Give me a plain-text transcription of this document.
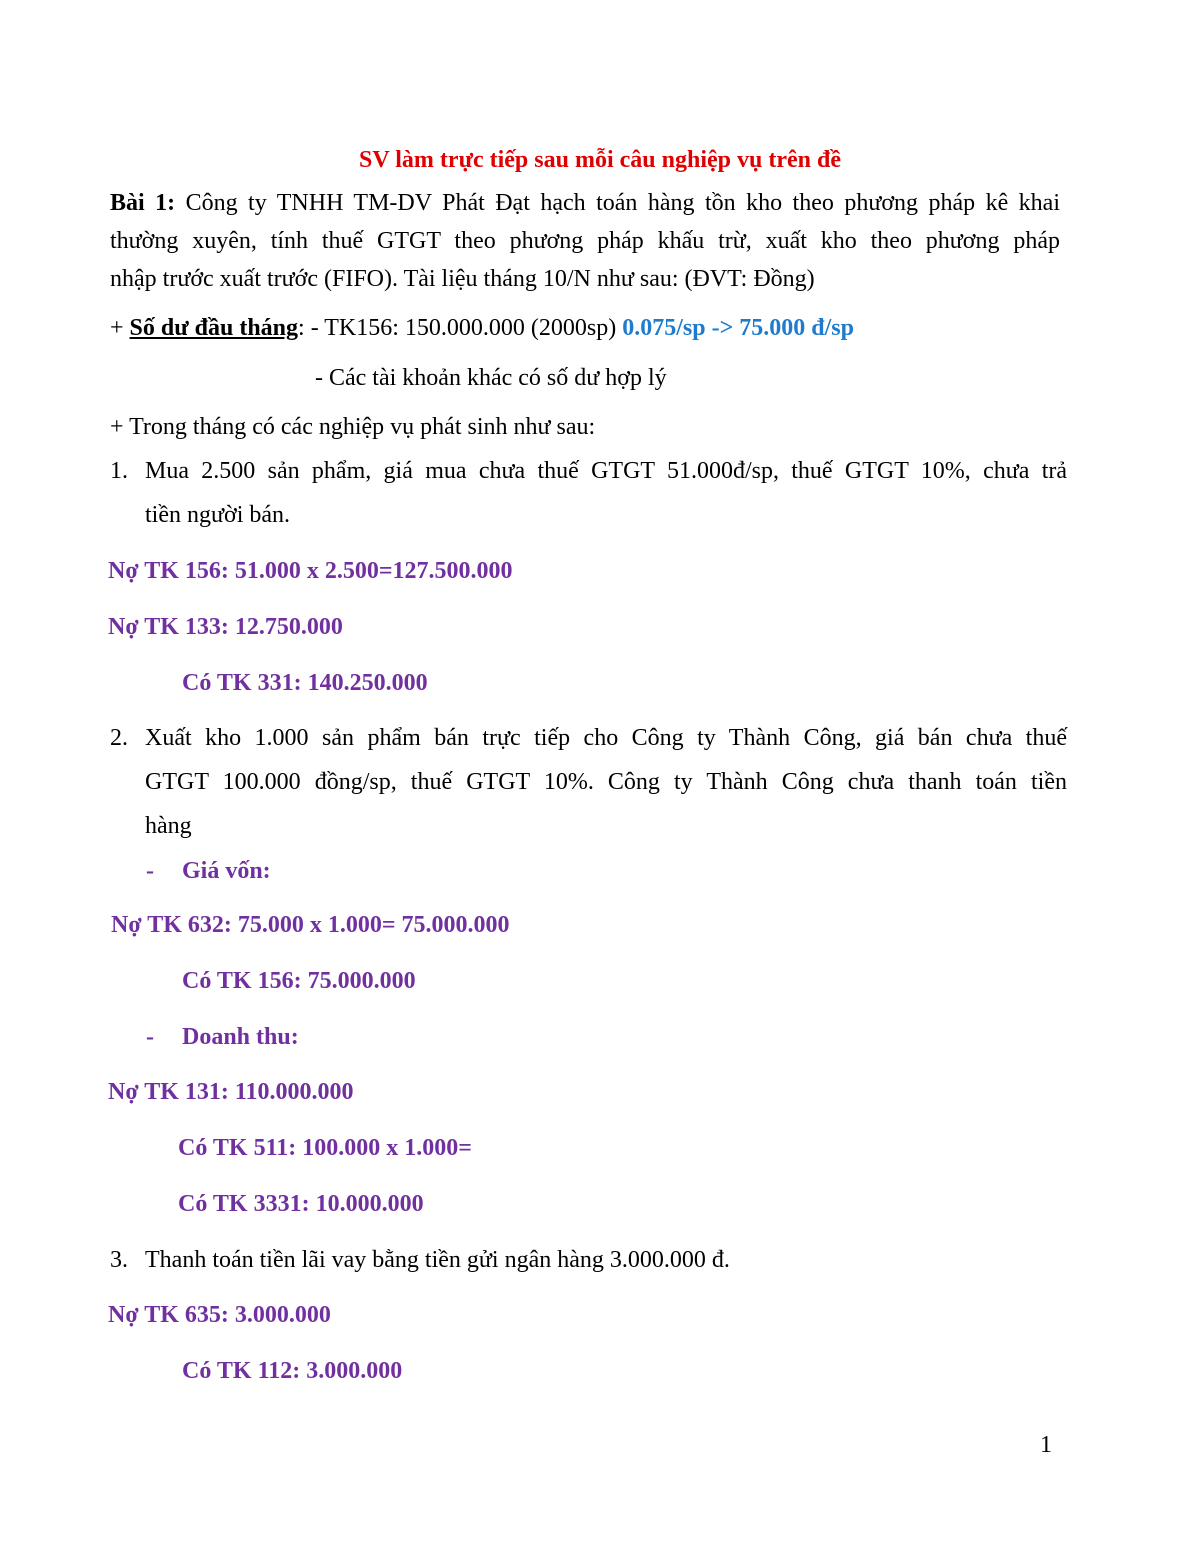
SV làm trực tiếp sau mỗi câu nghiệp vụ trên đề
Bài 1: Công ty TNHH TM-DV Phát Đạt hạch toán hàng tồn kho theo phương pháp kê khai
thường xuyên, tính thuế GTGT theo phương pháp khấu trừ, xuất kho theo phương pháp
nhập trước xuất trước (FIFO). Tài liệu tháng 10/N như sau: (ĐVT: Đồng)
+ Số dư đầu tháng: - TK156: 150.000.000 (2000sp) 0.075/sp -> 75.000 đ/sp
- Các tài khoản khác có số dư hợp lý
+ Trong tháng có các nghiệp vụ phát sinh như sau:
1. Mua 2.500 sản phẩm, giá mua chưa thuế GTGT 51.000đ/sp, thuế GTGT 10%, chưa trả
tiền người bán.
Nợ TK 156: 51.000 x 2.500=127.500.000
Nợ TK 133: 12.750.000
Có TK 331: 140.250.000
2. Xuất kho 1.000 sản phẩm bán trực tiếp cho Công ty Thành Công, giá bán chưa thuế
GTGT 100.000 đồng/sp, thuế GTGT 10%. Công ty Thành Công chưa thanh toán tiền
hàng
- Giá vốn:
Nợ TK 632: 75.000 x 1.000= 75.000.000
Có TK 156: 75.000.000
- Doanh thu:
Nợ TK 131: 110.000.000
Có TK 511: 100.000 x 1.000=
Có TK 3331: 10.000.000
3. Thanh toán tiền lãi vay bằng tiền gửi ngân hàng 3.000.000 đ.
Nợ TK 635: 3.000.000
Có TK 112: 3.000.000
1
